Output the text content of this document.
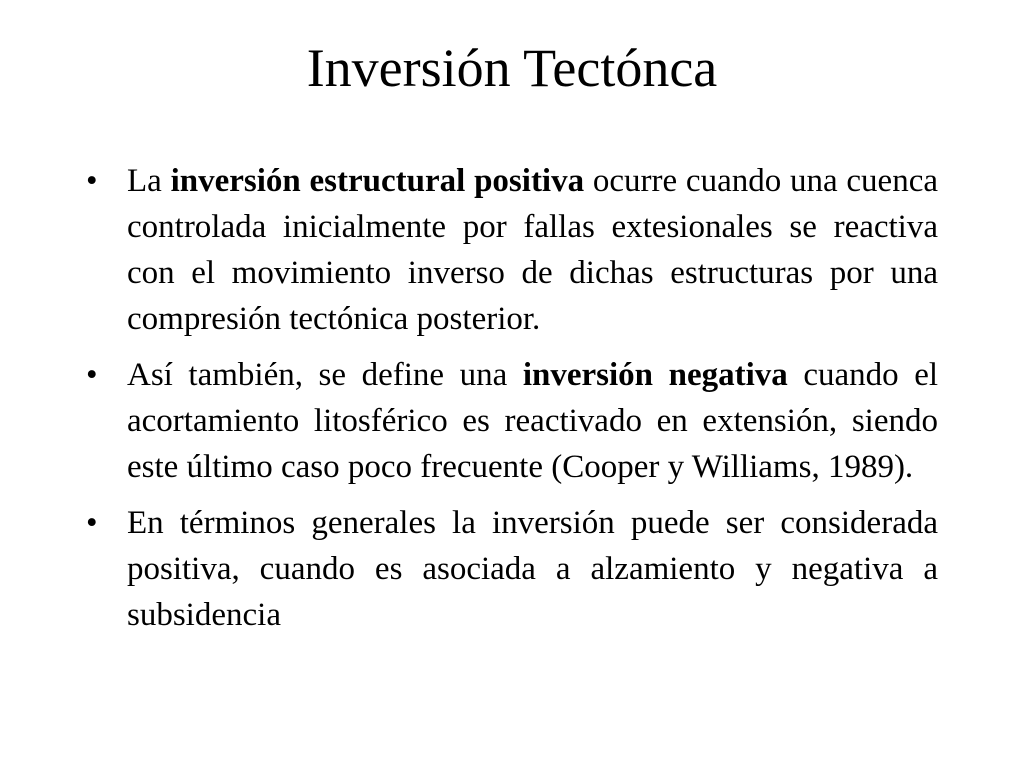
Inversión Tectónca
• La inversión estructural positiva ocurre cuando una cuenca controlada inicialmente por fallas extesionales se reactiva con el movimiento inverso de dichas estructuras por una compresión tectónica posterior.
• Así también, se define una inversión negativa cuando el acortamiento litosférico es reactivado en extensión, siendo este último caso poco frecuente (Cooper y Williams, 1989).
• En términos generales la inversión puede ser considerada positiva, cuando es asociada a alzamiento y negativa a subsidencia
